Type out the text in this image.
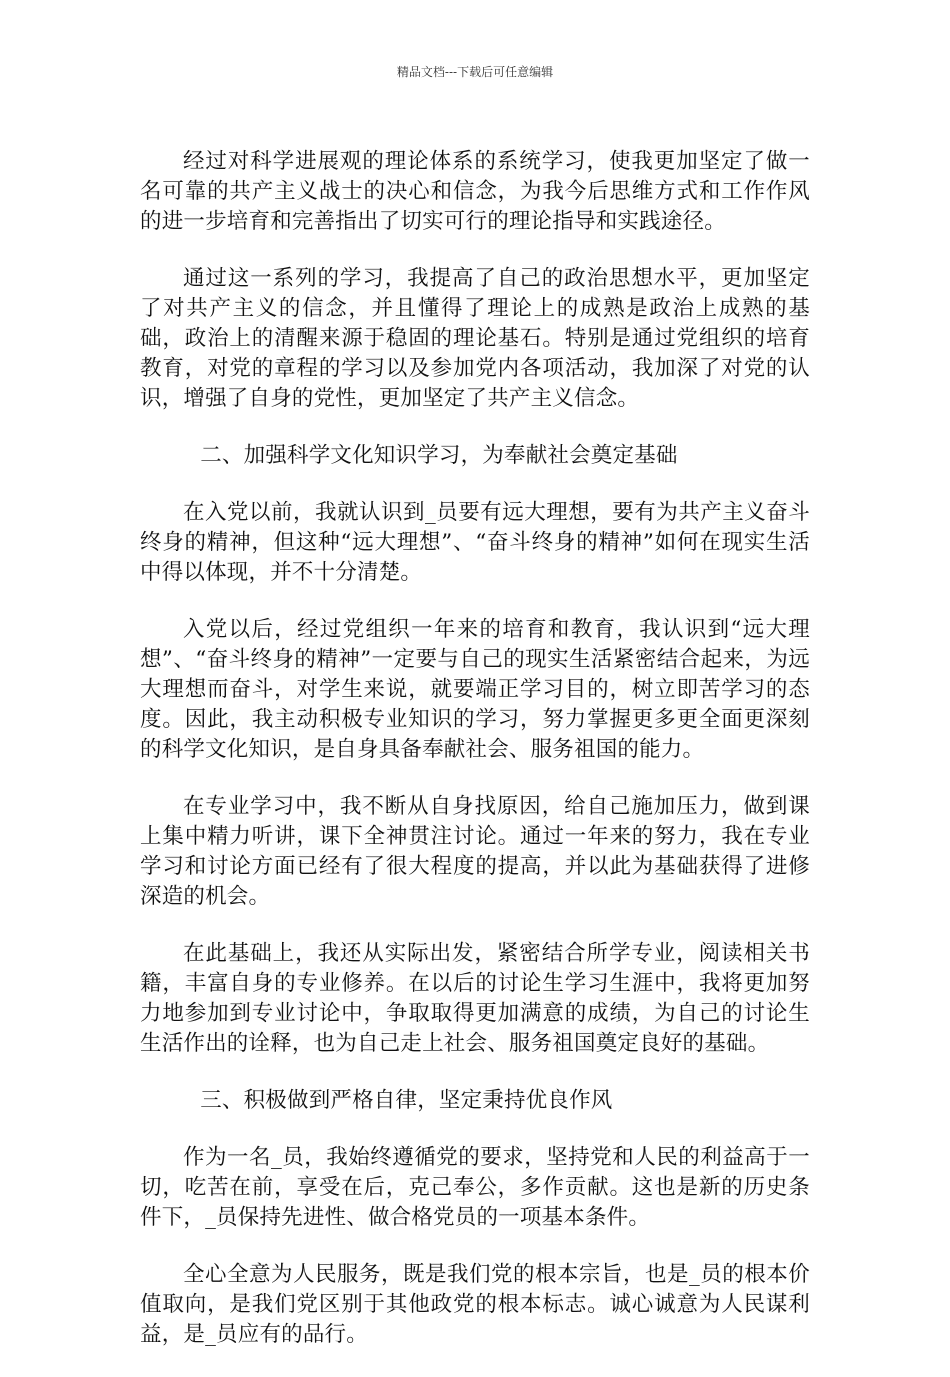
精品文档---下载后可任意编辑

经过对科学进展观的理论体系的系统学习，使我更加坚定了做一名可靠的共产主义战士的决心和信念，为我今后思维方式和工作作风的进一步培育和完善指出了切实可行的理论指导和实践途径。

通过这一系列的学习，我提高了自己的政治思想水平，更加坚定了对共产主义的信念，并且懂得了理论上的成熟是政治上成熟的基础，政治上的清醒来源于稳固的理论基石。特别是通过党组织的培育教育，对党的章程的学习以及参加党内各项活动，我加深了对党的认识，增强了自身的党性，更加坚定了共产主义信念。

二、加强科学文化知识学习，为奉献社会奠定基础

在入党以前，我就认识到_员要有远大理想，要有为共产主义奋斗终身的精神，但这种“远大理想”、“奋斗终身的精神”如何在现实生活中得以体现，并不十分清楚。

入党以后，经过党组织一年来的培育和教育，我认识到“远大理想”、“奋斗终身的精神”一定要与自己的现实生活紧密结合起来，为远大理想而奋斗，对学生来说，就要端正学习目的，树立即苦学习的态度。因此，我主动积极专业知识的学习，努力掌握更多更全面更深刻的科学文化知识，是自身具备奉献社会、服务祖国的能力。

在专业学习中，我不断从自身找原因，给自己施加压力，做到课上集中精力听讲，课下全神贯注讨论。通过一年来的努力，我在专业学习和讨论方面已经有了很大程度的提高，并以此为基础获得了进修深造的机会。

在此基础上，我还从实际出发，紧密结合所学专业，阅读相关书籍，丰富自身的专业修养。在以后的讨论生学习生涯中，我将更加努力地参加到专业讨论中，争取取得更加满意的成绩，为自己的讨论生生活作出的诠释，也为自己走上社会、服务祖国奠定良好的基础。

三、积极做到严格自律，坚定秉持优良作风

作为一名_员，我始终遵循党的要求，坚持党和人民的利益高于一切，吃苦在前，享受在后，克己奉公，多作贡献。这也是新的历史条件下，_员保持先进性、做合格党员的一项基本条件。

全心全意为人民服务，既是我们党的根本宗旨，也是_员的根本价值取向，是我们党区别于其他政党的根本标志。诚心诚意为人民谋利益，是_员应有的品行。
